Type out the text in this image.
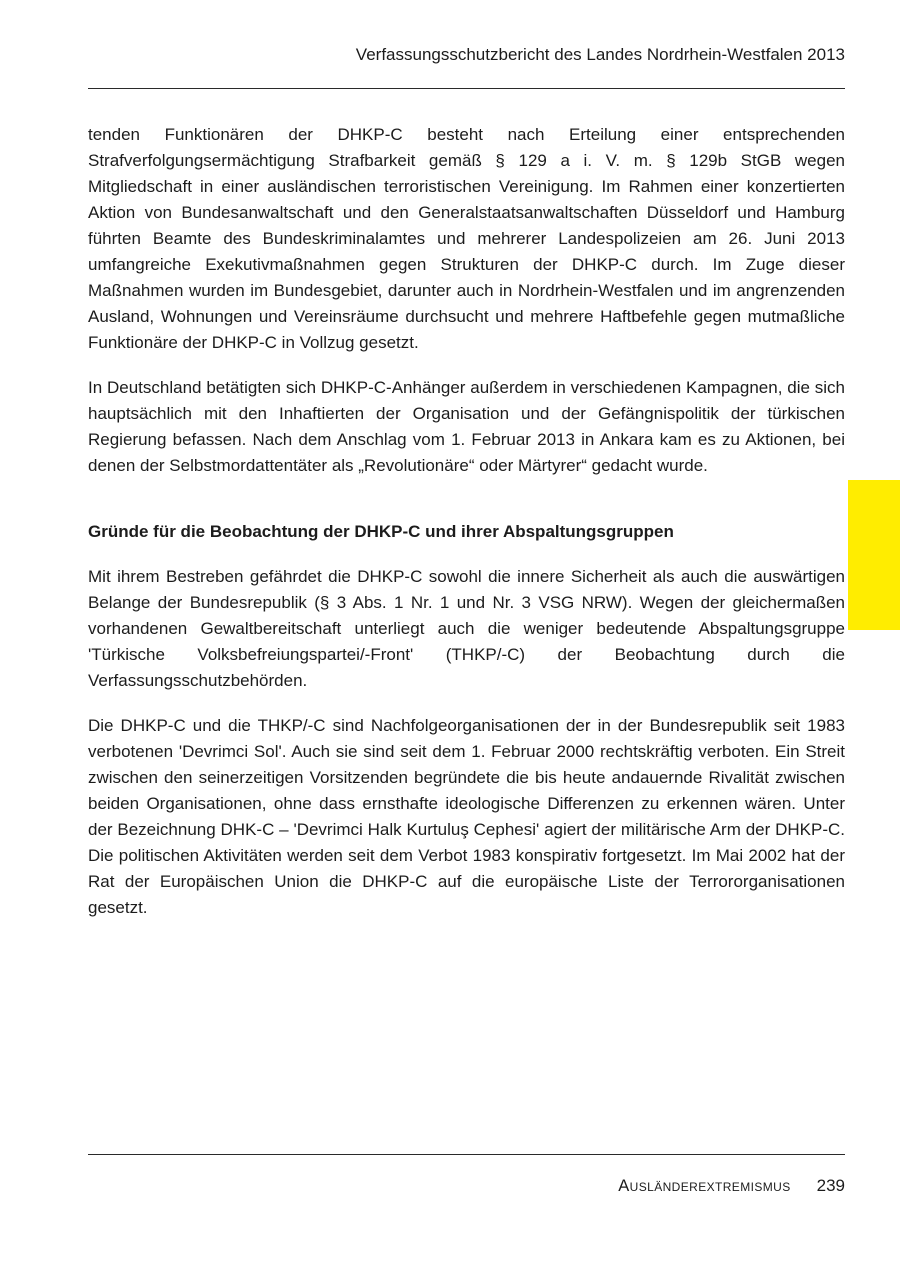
Verfassungsschutzbericht des Landes Nordrhein-Westfalen 2013

tenden Funktionären der DHKP-C besteht nach Erteilung einer entsprechenden Strafverfolgungsermächtigung Strafbarkeit gemäß § 129 a i. V. m. § 129b StGB wegen Mitgliedschaft in einer ausländischen terroristischen Vereinigung. Im Rahmen einer konzertierten Aktion von Bundesanwaltschaft und den Generalstaatsanwaltschaften Düsseldorf und Hamburg führten Beamte des Bundeskriminalamtes und mehrerer Landespolizeien am 26. Juni 2013 umfangreiche Exekutivmaßnahmen gegen Strukturen der DHKP-C durch. Im Zuge dieser Maßnahmen wurden im Bundesgebiet, darunter auch in Nordrhein-Westfalen und im angrenzenden Ausland, Wohnungen und Vereinsräume durchsucht und mehrere Haftbefehle gegen mutmaßliche Funktionäre der DHKP-C in Vollzug gesetzt.

In Deutschland betätigten sich DHKP-C-Anhänger außerdem in verschiedenen Kampagnen, die sich hauptsächlich mit den Inhaftierten der Organisation und der Gefängnispolitik der türkischen Regierung befassen. Nach dem Anschlag vom 1. Februar 2013 in Ankara kam es zu Aktionen, bei denen der Selbstmordattentäter als „Revolutionäre“ oder Märtyrer“ gedacht wurde.

Gründe für die Beobachtung der DHKP-C und ihrer Abspaltungsgruppen

Mit ihrem Bestreben gefährdet die DHKP-C sowohl die innere Sicherheit als auch die auswärtigen Belange der Bundesrepublik (§ 3 Abs. 1 Nr. 1 und Nr. 3 VSG NRW). Wegen der gleichermaßen vorhandenen Gewaltbereitschaft unterliegt auch die weniger bedeutende Abspaltungsgruppe 'Türkische Volksbefreiungspartei/-Front' (THKP/-C) der Beobachtung durch die Verfassungsschutzbehörden.

Die DHKP-C und die THKP/-C sind Nachfolgeorganisationen der in der Bundesrepublik seit 1983 verbotenen 'Devrimci Sol'. Auch sie sind seit dem 1. Februar 2000 rechtskräftig verboten. Ein Streit zwischen den seinerzeitigen Vorsitzenden begründete die bis heute andauernde Rivalität zwischen beiden Organisationen, ohne dass ernsthafte ideologische Differenzen zu erkennen wären. Unter der Bezeichnung DHK-C – 'Devrimci Halk Kurtuluş Cephesi' agiert der militärische Arm der DHKP-C. Die politischen Aktivitäten werden seit dem Verbot 1983 konspirativ fortgesetzt. Im Mai 2002 hat der Rat der Europäischen Union die DHKP-C auf die europäische Liste der Terrororganisationen gesetzt.

Ausländerextremismus 239
